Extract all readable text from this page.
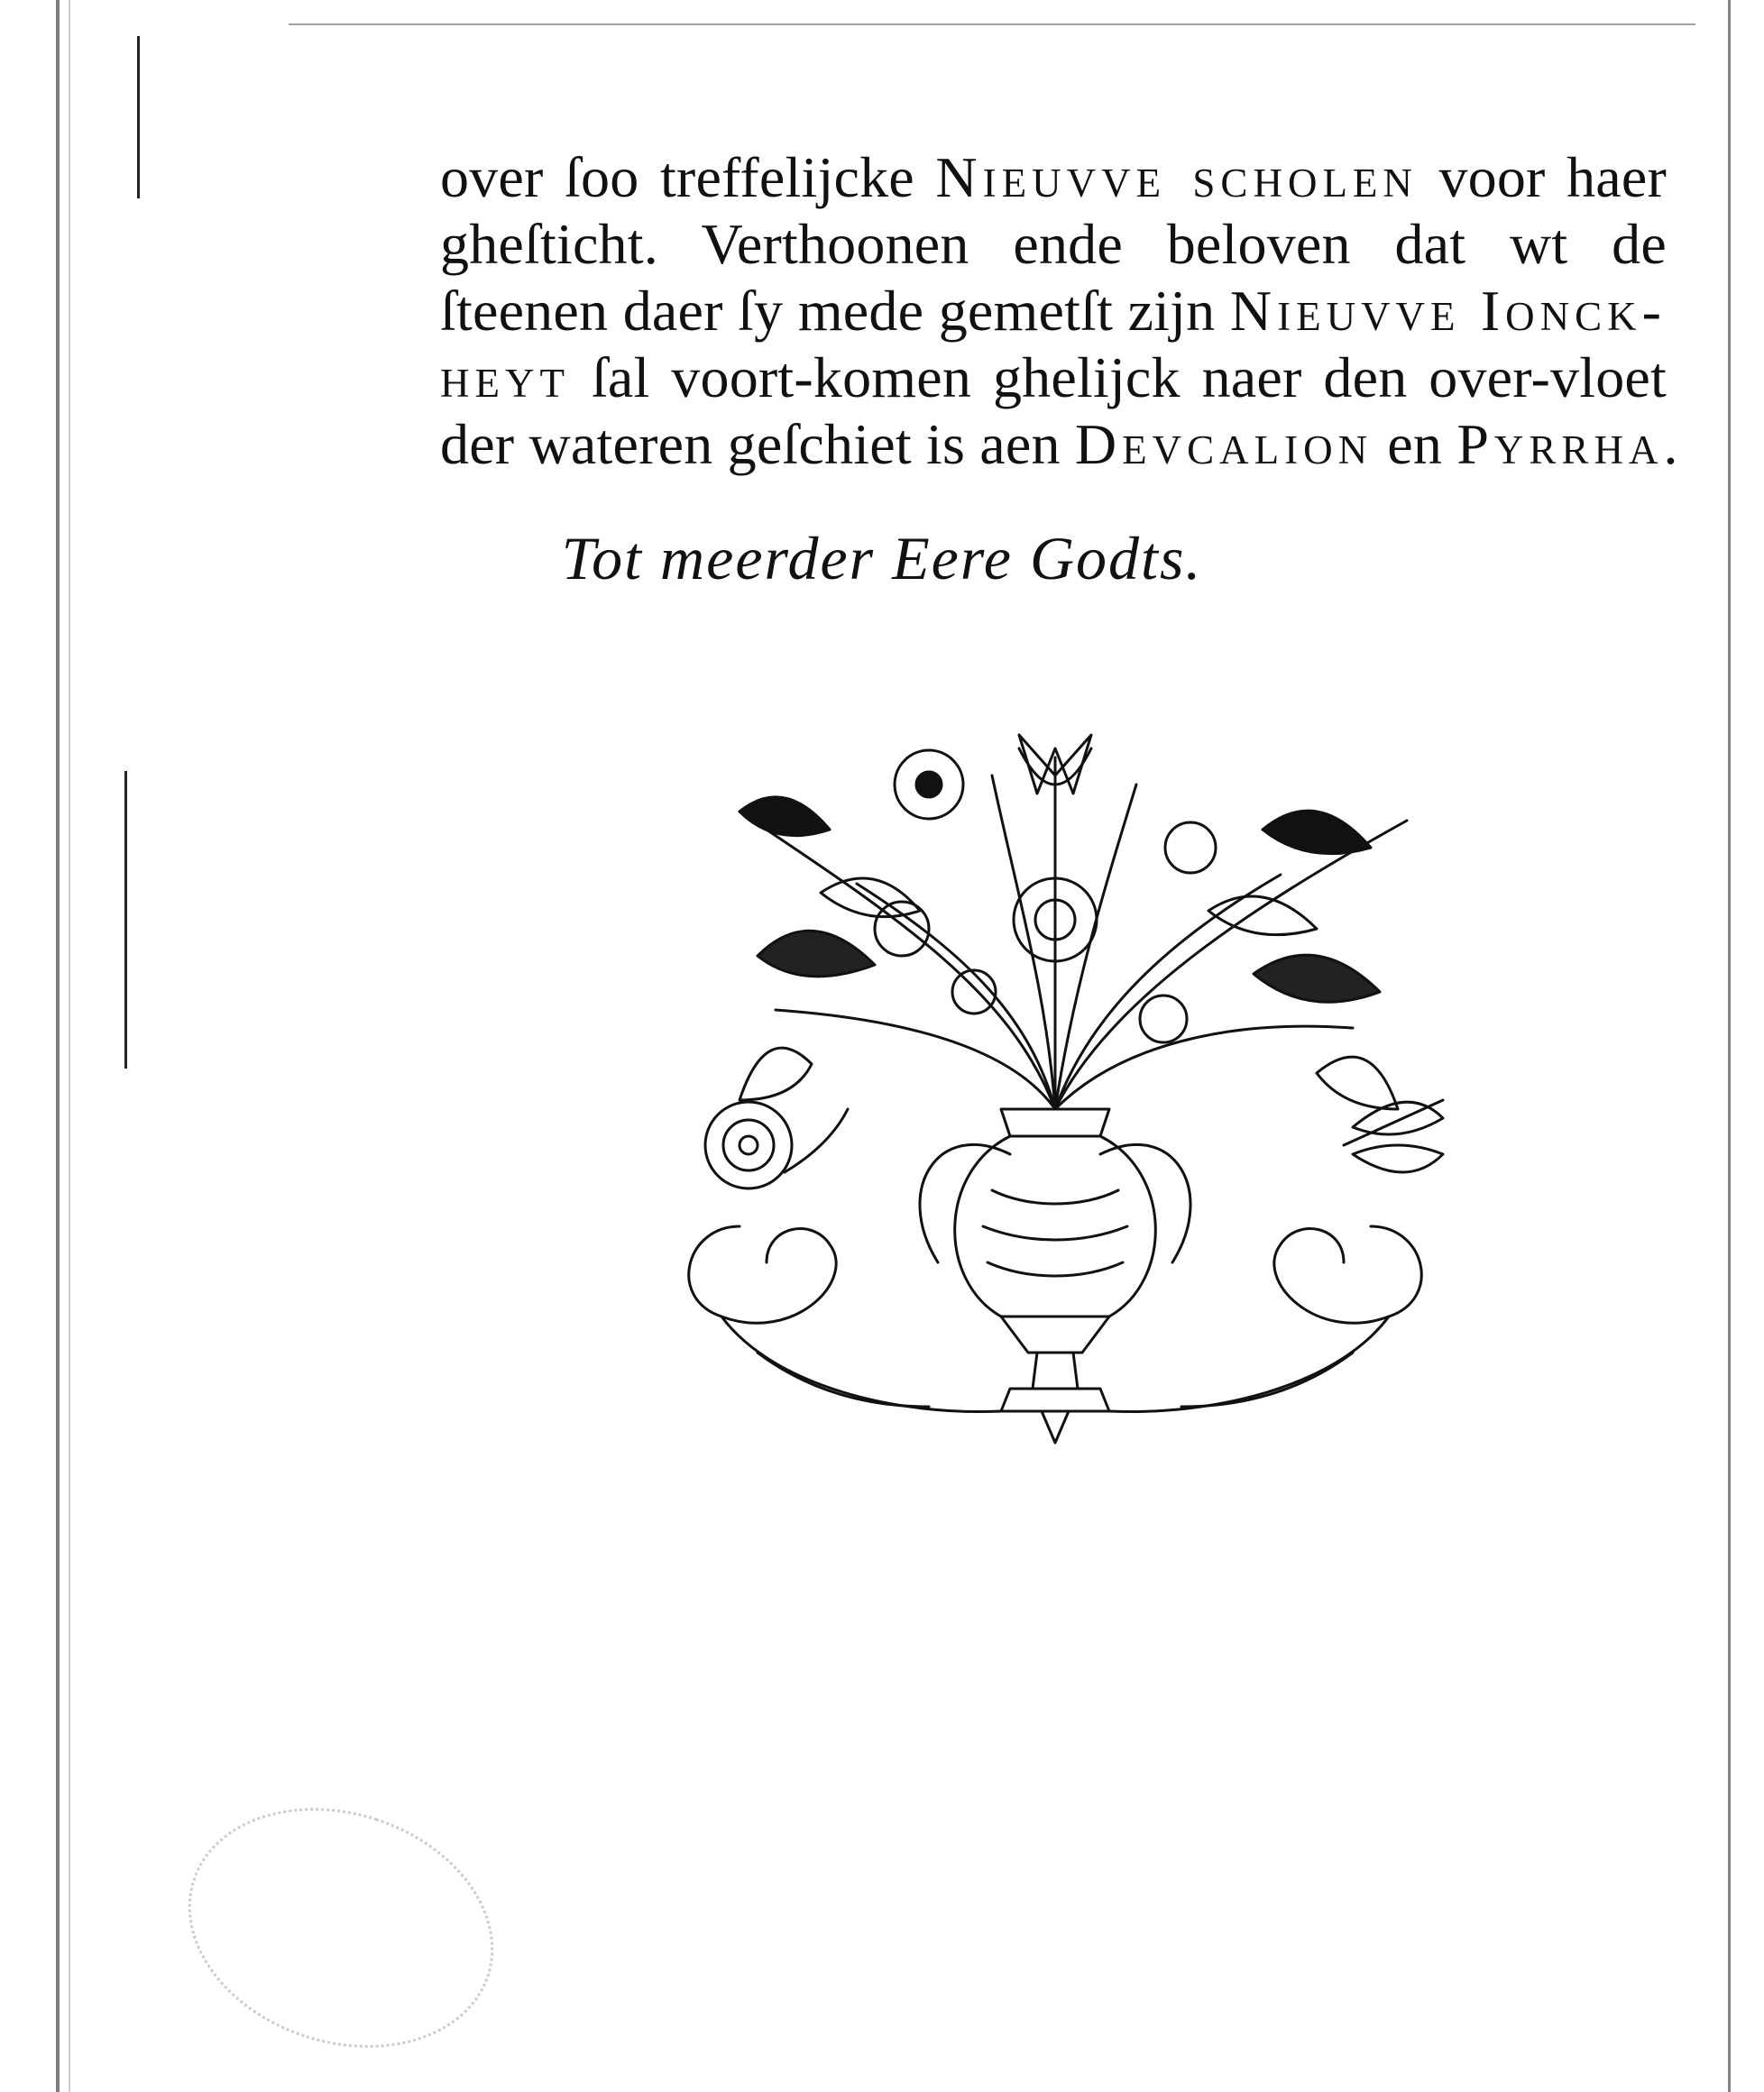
over ſoo treffelijcke Nieuvve scholen voor haer
gheſticht. Verthoonen ende beloven dat wt de
ſteenen daer ſy mede gemetſt zijn Nieuvve Ionck-
heyt ſal voort-komen ghelijck naer den over-vloet
der wateren geſchiet is aen Devcalion en Pyrrha.
Tot meerder Eere Godts.
